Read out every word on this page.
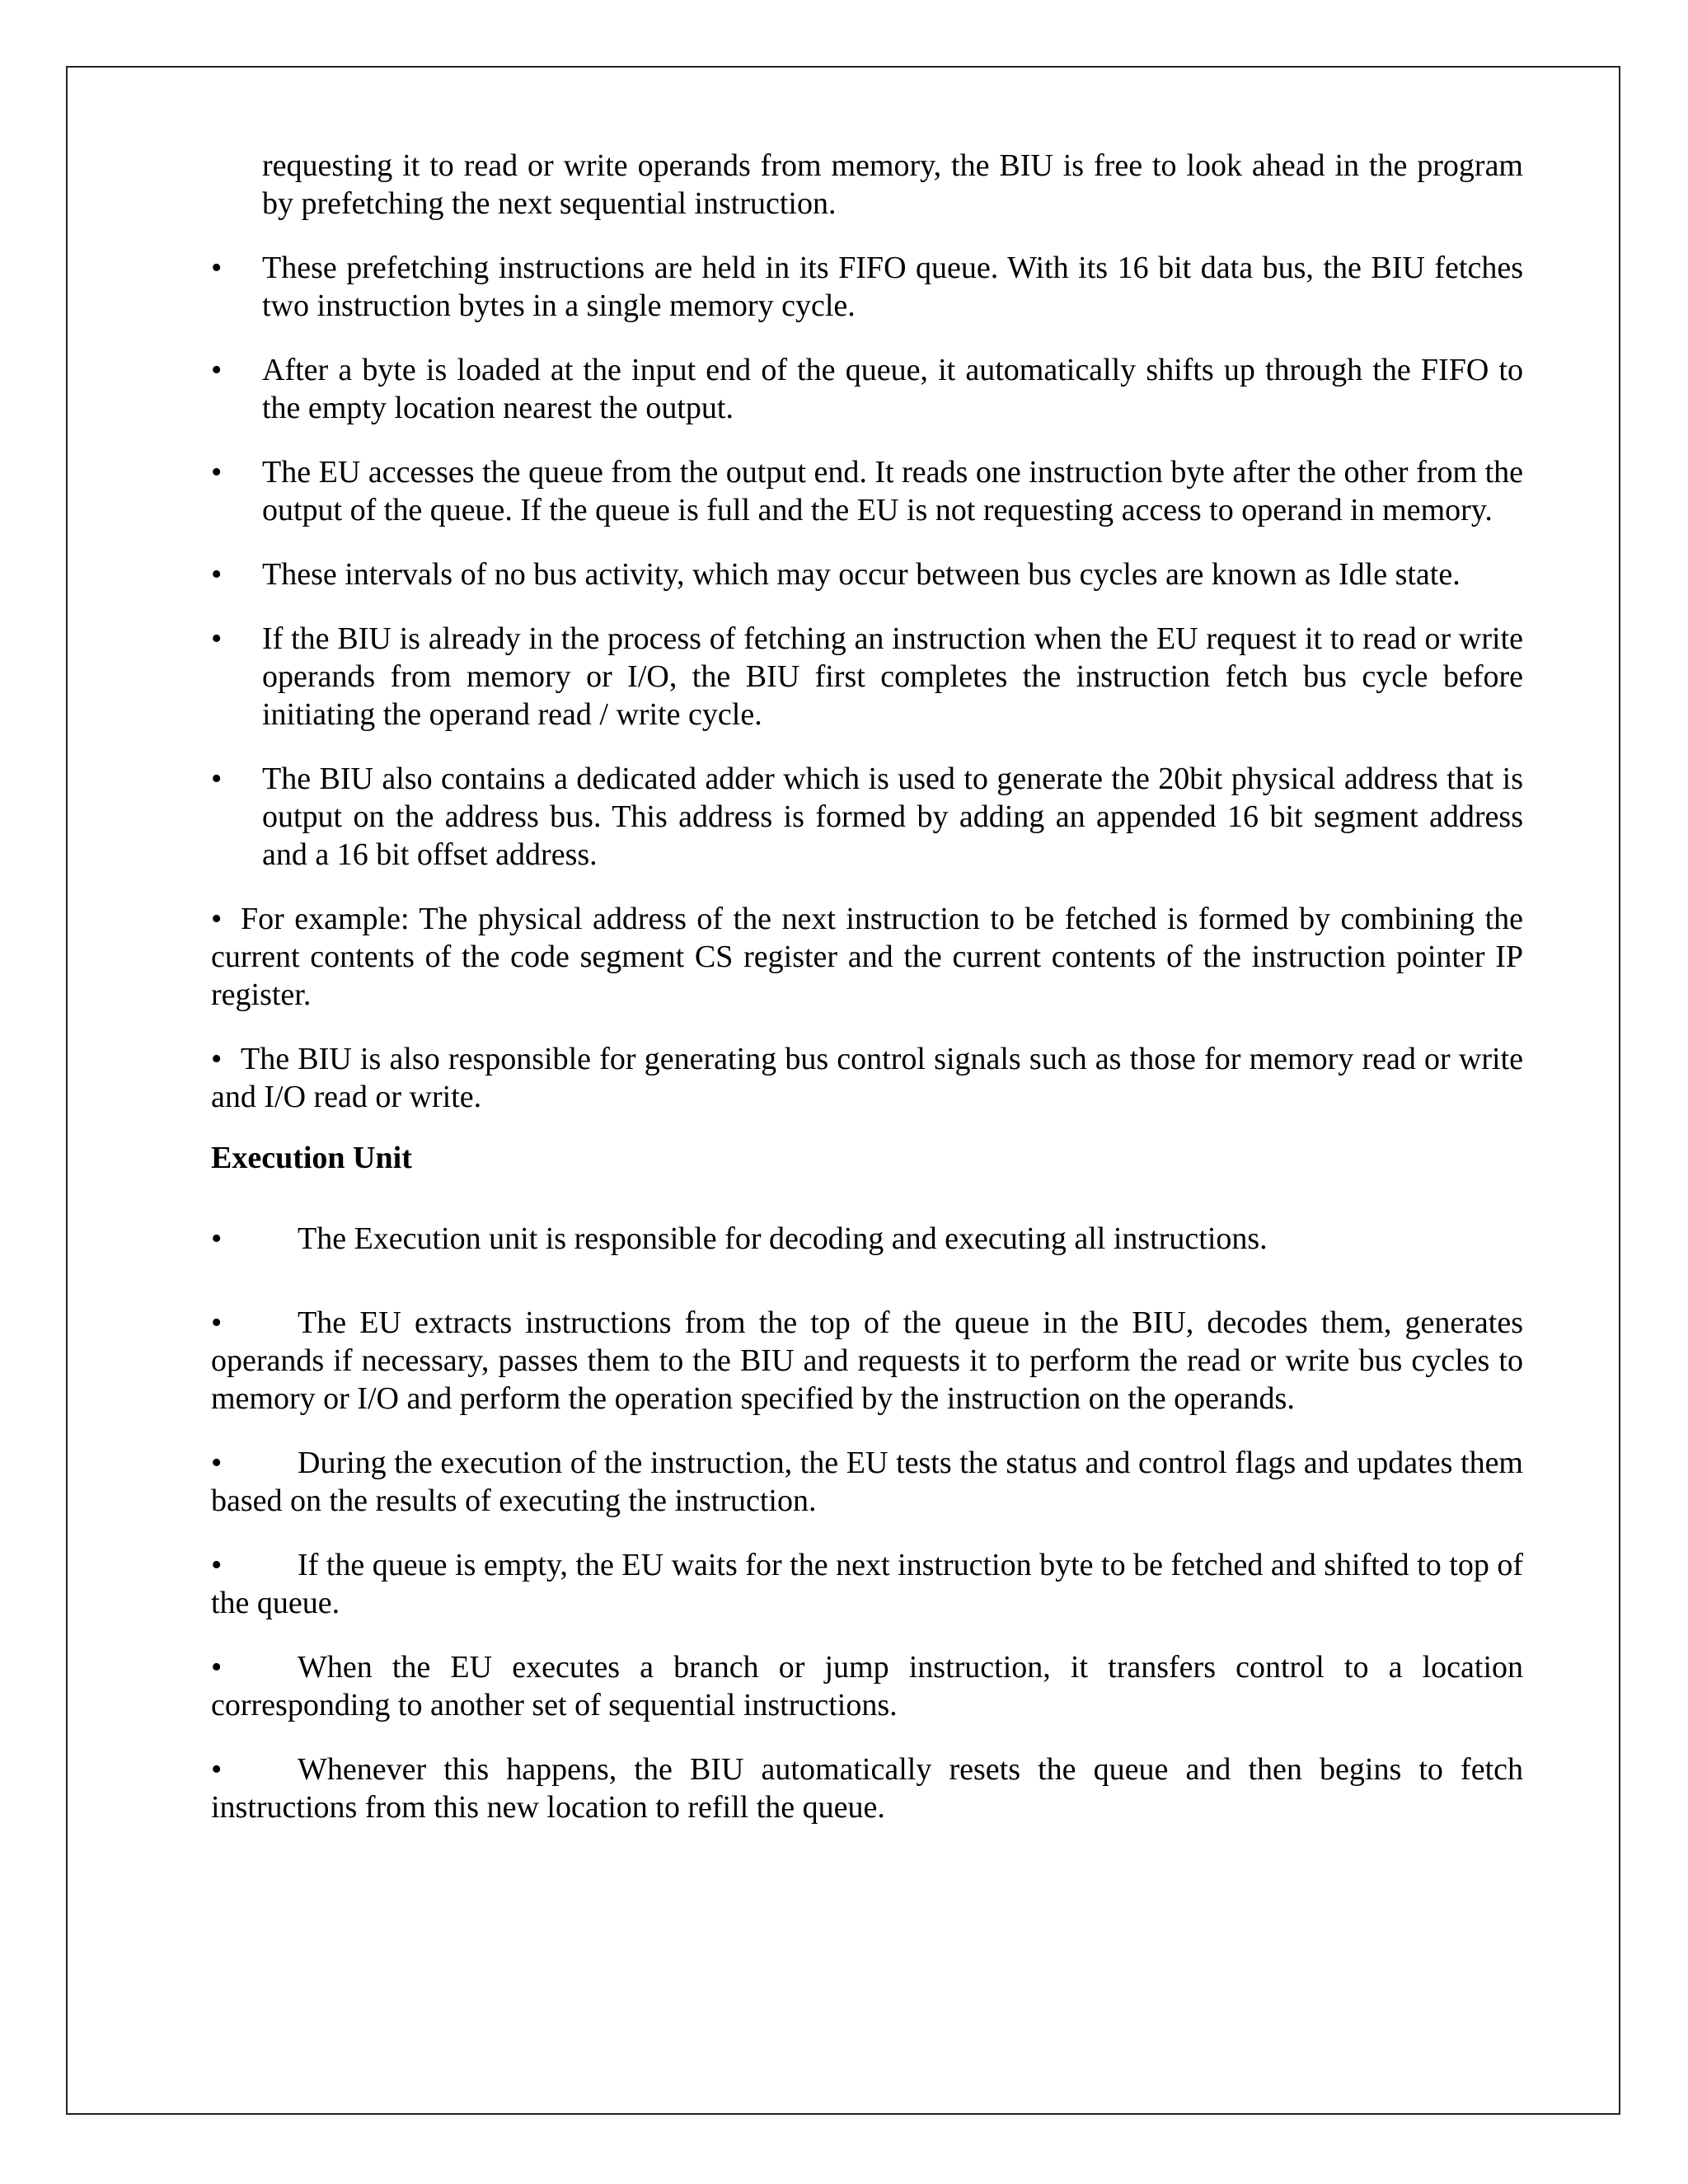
requesting it to read or write operands from memory, the BIU is free to look ahead in the program by prefetching the next sequential instruction.

• These prefetching instructions are held in its FIFO queue. With its 16 bit data bus, the BIU fetches two instruction bytes in a single memory cycle.

• After a byte is loaded at the input end of the queue, it automatically shifts up through the FIFO to the empty location nearest the output.

• The EU accesses the queue from the output end. It reads one instruction byte after the other from the output of the queue. If the queue is full and the EU is not requesting access to operand in memory.

• These intervals of no bus activity, which may occur between bus cycles are known as Idle state.

• If the BIU is already in the process of fetching an instruction when the EU request it to read or write operands from memory or I/O, the BIU first completes the instruction fetch bus cycle before initiating the operand read / write cycle.

• The BIU also contains a dedicated adder which is used to generate the 20bit physical address that is output on the address bus. This address is formed by adding an appended 16 bit segment address and a 16 bit offset address.

• For example: The physical address of the next instruction to be fetched is formed by combining the current contents of the code segment CS register and the current contents of the instruction pointer IP register.

• The BIU is also responsible for generating bus control signals such as those for memory read or write and I/O read or write.

Execution Unit

• The Execution unit is responsible for decoding and executing all instructions.

• The EU extracts instructions from the top of the queue in the BIU, decodes them, generates operands if necessary, passes them to the BIU and requests it to perform the read or write bus cycles to memory or I/O and perform the operation specified by the instruction on the operands.

• During the execution of the instruction, the EU tests the status and control flags and updates them based on the results of executing the instruction.

• If the queue is empty, the EU waits for the next instruction byte to be fetched and shifted to top of the queue.

• When the EU executes a branch or jump instruction, it transfers control to a location corresponding to another set of sequential instructions.

• Whenever this happens, the BIU automatically resets the queue and then begins to fetch instructions from this new location to refill the queue.
